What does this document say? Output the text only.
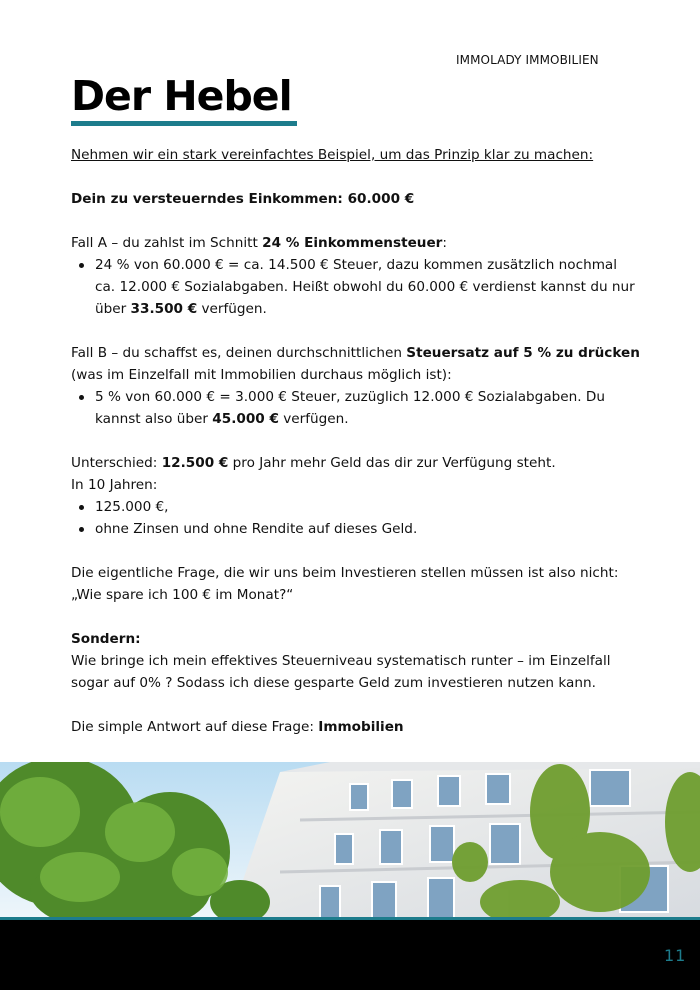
IMMOLADY IMMOBILIEN
Der Hebel

Nehmen wir ein stark vereinfachtes Beispiel, um das Prinzip klar zu machen:

Dein zu versteuerndes Einkommen: 60.000 €

Fall A – du zahlst im Schnitt 24 % Einkommensteuer:

24 % von 60.000 € = ca. 14.500 € Steuer, dazu kommen zusätzlich nochmal ca. 12.000 € Sozialabgaben. Heißt obwohl du 60.000 € verdienst kannst du nur über 33.500 € verfügen.

Fall B – du schaffst es, deinen durchschnittlichen Steuersatz auf 5 % zu drücken (was im Einzelfall mit Immobilien durchaus möglich ist):

5 % von 60.000 € = 3.000 € Steuer, zuzüglich 12.000 € Sozialabgaben. Du kannst also über 45.000 € verfügen.

Unterschied: 12.500 € pro Jahr mehr Geld das dir zur Verfügung steht.

In 10 Jahren:

125.000 €,
ohne Zinsen und ohne Rendite auf dieses Geld.

Die eigentliche Frage, die wir uns beim Investieren stellen müssen ist also nicht:

„Wie spare ich 100 € im Monat?“

Sondern:

Wie bringe ich mein effektives Steuerniveau systematisch runter – im Einzelfall sogar auf 0% ? Sodass ich diese gesparte Geld zum investieren nutzen kann.

Die simple Antwort auf diese Frage: Immobilien

11
